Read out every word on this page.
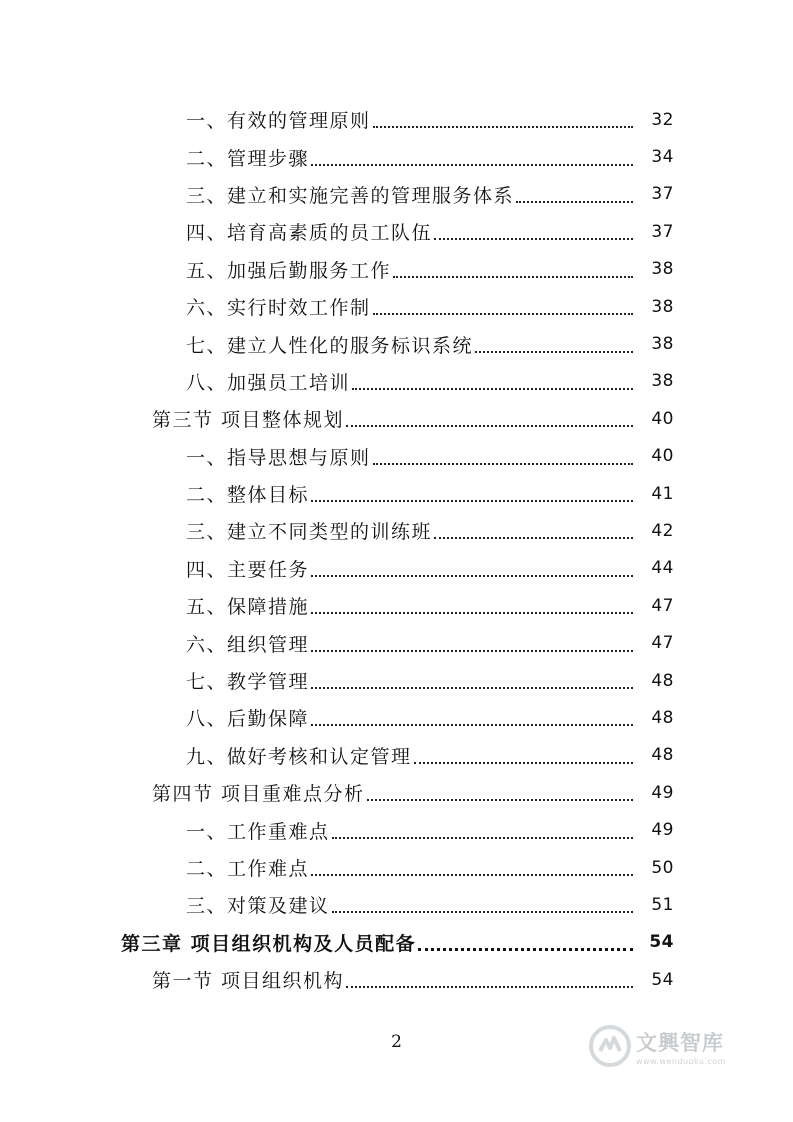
一、有效的管理原则	32
二、管理步骤	34
三、建立和实施完善的管理服务体系	37
四、培育高素质的员工队伍	37
五、加强后勤服务工作	38
六、实行时效工作制	38
七、建立人性化的服务标识系统	38
八、加强员工培训	38
第三节 项目整体规划	40
一、指导思想与原则	40
二、整体目标	41
三、建立不同类型的训练班	42
四、主要任务	44
五、保障措施	47
六、组织管理	47
七、教学管理	48
八、后勤保障	48
九、做好考核和认定管理	48
第四节 项目重难点分析	49
一、工作重难点	49
二、工作难点	50
三、对策及建议	51
第三章 项目组织机构及人员配备	54
第一节 项目组织机构	54
2	文興智库
www.wenduoku.com
